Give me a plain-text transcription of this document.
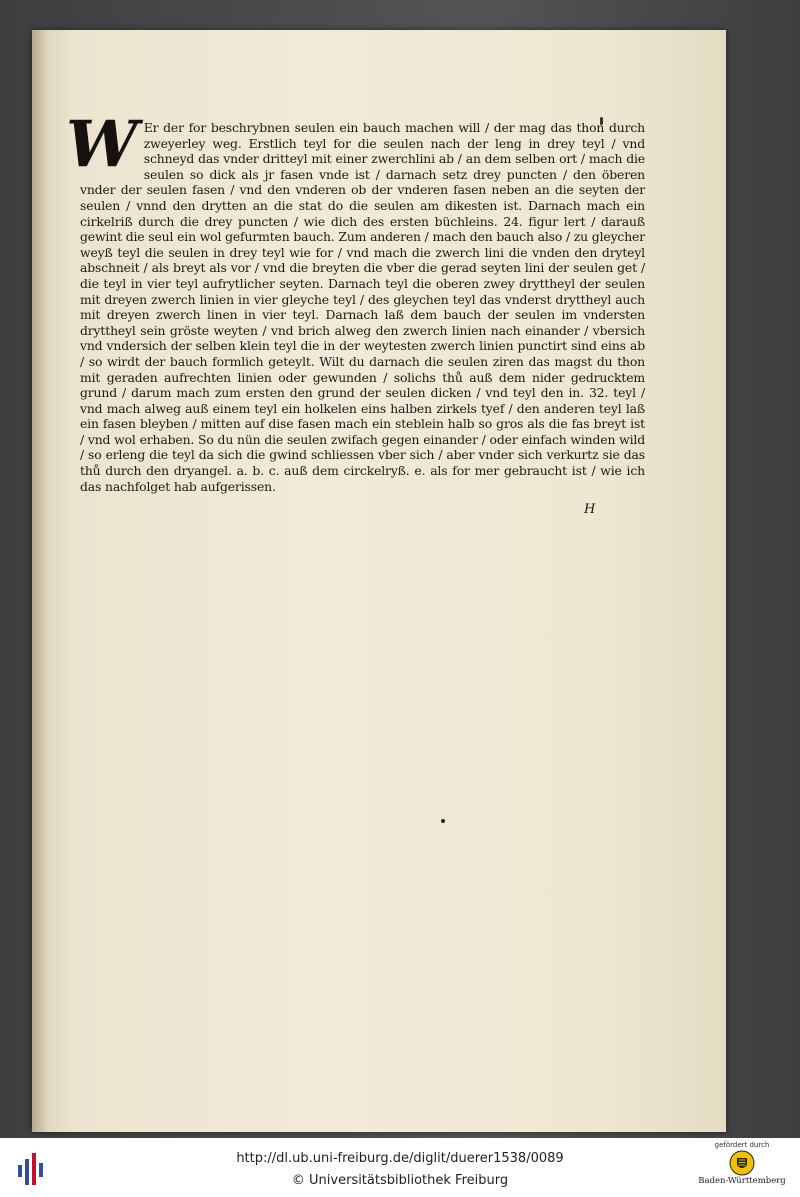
W Er der for beschrybnen seulen ein bauch machen will / der mag das thon durch zweyerley weg. Erstlich teyl for die seulen nach der leng in drey teyl / vnd schneyd das vnder dritteyl mit einer zwerchlini ab / an dem selben ort / mach die seulen so dick als jr fasen vnde ist / darnach setz drey puncten / den öberen vnder der seulen fasen / vnd den vnderen ob der vnderen fasen neben an die seyten der seulen / vnnd den drytten an die stat do die seulen am dikesten ist. Darnach mach ein cirkelriß durch die drey puncten / wie dich des ersten büchleins. 24. figur lert / darauß gewint die seul ein wol gefurmten bauch. Zum anderen / mach den bauch also / zu gleycher weyß teyl die seulen in drey teyl wie for / vnd mach die zwerch lini die vnden den dryteyl abschneit / als breyt als vor / vnd die breyten die vber die gerad seyten lini der seulen get / die teyl in vier teyl aufrytlicher seyten. Darnach teyl die oberen zwey dryttheyl der seulen mit dreyen zwerch linien in vier gleyche teyl / des gleychen teyl das vnderst dryttheyl auch mit dreyen zwerch linen in vier teyl. Darnach laß dem bauch der seulen im vndersten dryttheyl sein gröste weyten / vnd brich alweg den zwerch linien nach einander / vbersich vnd vndersich der selben klein teyl die in der weytesten zwerch linien punctirt sind eins ab / so wirdt der bauch formlich geteylt. Wilt du darnach die seulen ziren das magst du thon mit geraden aufrechten linien oder gewunden / solichs thů auß dem nider gedrucktem grund / darum mach zum ersten den grund der seulen dicken / vnd teyl den in. 32. teyl / vnd mach alweg auß einem teyl ein holkelen eins halben zirkels tyef / den anderen teyl laß ein fasen bleyben / mitten auf dise fasen mach ein steblein halb so gros als die fas breyt ist / vnd wol erhaben. So du nün die seulen zwifach gegen einander / oder einfach winden wild / so erleng die teyl da sich die gwind schliessen vber sich / aber vnder sich verkurtz sie das thů durch den dryangel. a. b. c. auß dem circkelryß. e. als for mer gebraucht ist / wie ich das nachfolget hab aufgerissen.

H
http://dl.ub.uni-freiburg.de/diglit/duerer1538/0089
© Universitätsbibliothek Freiburg
gefördert durch
Baden-Württemberg
